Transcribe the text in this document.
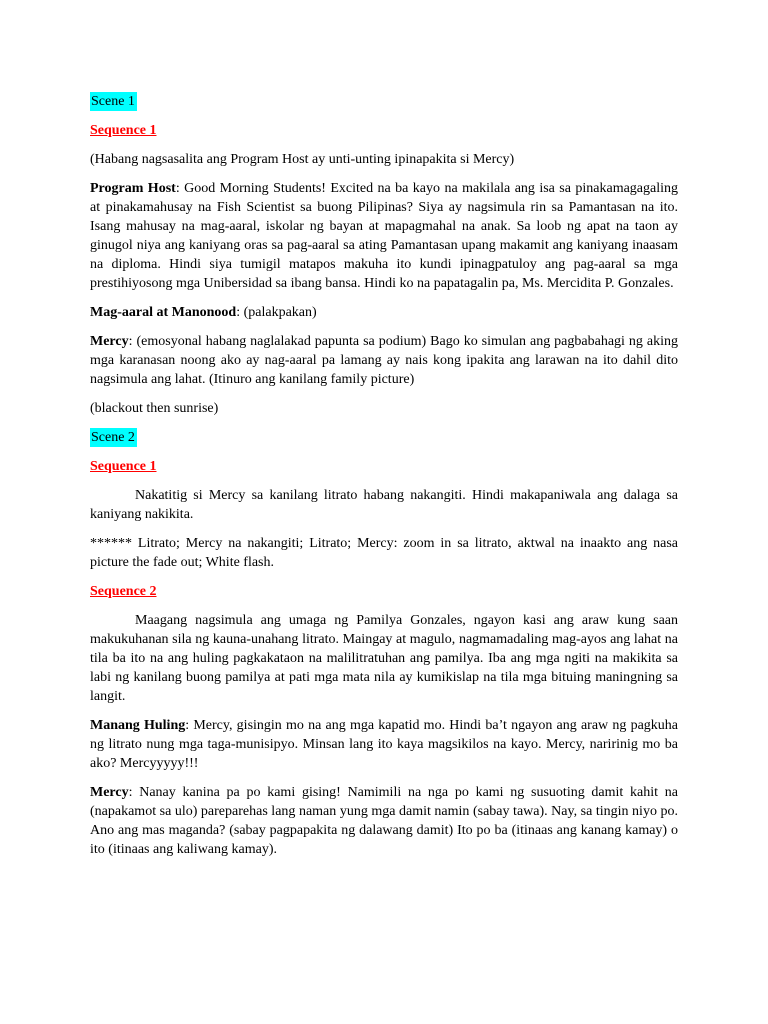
Scene 1

Sequence 1

(Habang nagsasalita ang Program Host ay unti-unting ipinapakita si Mercy)

Program Host: Good Morning Students! Excited na ba kayo na makilala ang isa sa pinakamagagaling at pinakamahusay na Fish Scientist sa buong Pilipinas? Siya ay nagsimula rin sa Pamantasan na ito. Isang mahusay na mag-aaral, iskolar ng bayan at mapagmahal na anak. Sa loob ng apat na taon ay ginugol niya ang kaniyang oras sa pag-aaral sa ating Pamantasan upang makamit ang kaniyang inaasam na diploma. Hindi siya tumigil matapos makuha ito kundi ipinagpatuloy ang pag-aaral sa mga prestihiyosong mga Unibersidad sa ibang bansa. Hindi ko na papatagalin pa, Ms. Mercidita P. Gonzales.

Mag-aaral at Manonood: (palakpakan)

Mercy: (emosyonal habang naglalakad papunta sa podium) Bago ko simulan ang pagbabahagi ng aking mga karanasan noong ako ay nag-aaral pa lamang ay nais kong ipakita ang larawan na ito dahil dito nagsimula ang lahat. (Itinuro ang kanilang family picture)

(blackout then sunrise)

Scene 2

Sequence 1

Nakatitig si Mercy sa kanilang litrato habang nakangiti. Hindi makapaniwala ang dalaga sa kaniyang nakikita.

****** Litrato; Mercy na nakangiti; Litrato; Mercy: zoom in sa litrato, aktwal na inaakto ang nasa picture the fade out; White flash.

Sequence 2

Maagang nagsimula ang umaga ng Pamilya Gonzales, ngayon kasi ang araw kung saan makukuhanan sila ng kauna-unahang litrato. Maingay at magulo, nagmamadaling mag-ayos ang lahat na tila ba ito na ang huling pagkakataon na malilitratuhan ang pamilya. Iba ang mga ngiti na makikita sa labi ng kanilang buong pamilya at pati mga mata nila ay kumikislap na tila mga bituing maningning sa langit.

Manang Huling: Mercy, gisingin mo na ang mga kapatid mo. Hindi ba’t ngayon ang araw ng pagkuha ng litrato nung mga taga-munisipyo. Minsan lang ito kaya magsikilos na kayo. Mercy, naririnig mo ba ako? Mercyyyyy!!!

Mercy: Nanay kanina pa po kami gising! Namimili na nga po kami ng susuoting damit kahit na (napakamot sa ulo) pareparehas lang naman yung mga damit namin (sabay tawa). Nay, sa tingin niyo po. Ano ang mas maganda? (sabay pagpapakita ng dalawang damit) Ito po ba (itinaas ang kanang kamay) o ito (itinaas ang kaliwang kamay).
